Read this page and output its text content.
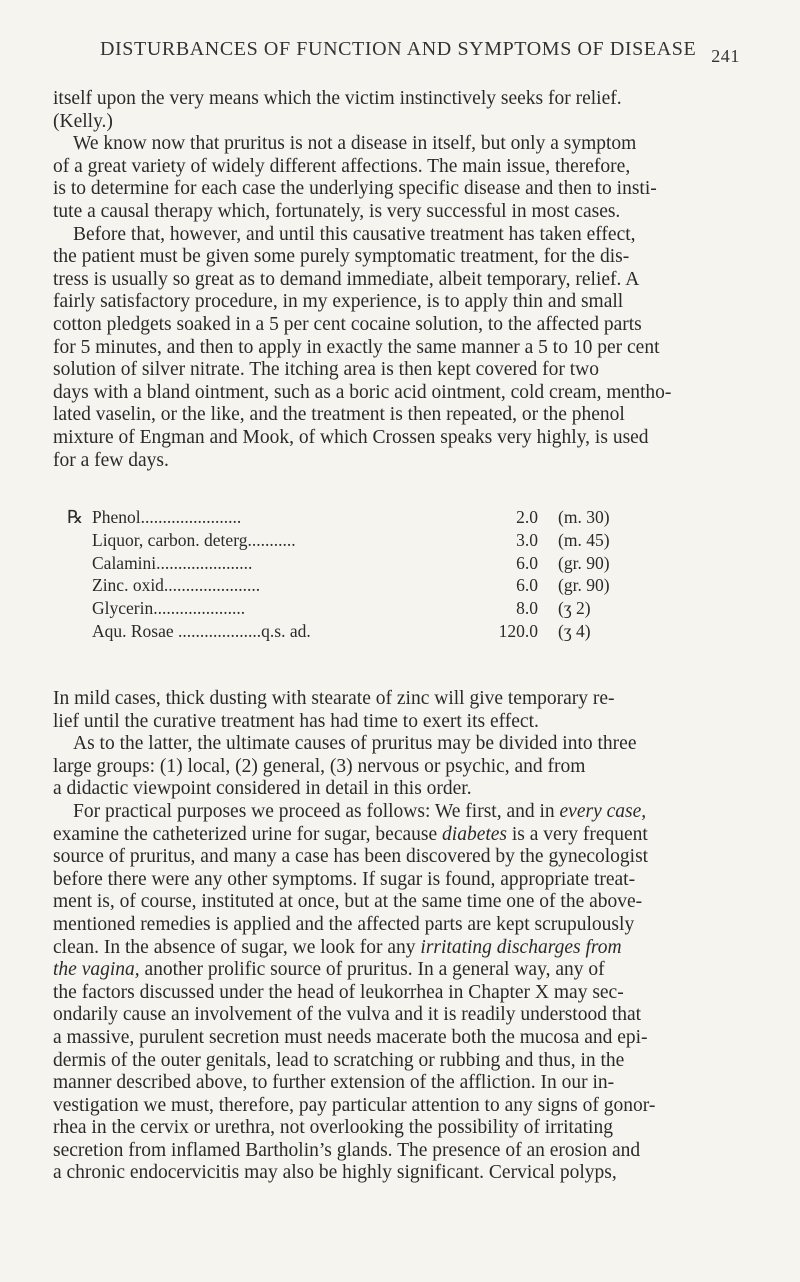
DISTURBANCES OF FUNCTION AND SYMPTOMS OF DISEASE 241

itself upon the very means which the victim instinctively seeks for relief.
(Kelly.)

We know now that pruritus is not a disease in itself, but only a symptom
of a great variety of widely different affections. The main issue, therefore,
is to determine for each case the underlying specific disease and then to insti-
tute a causal therapy which, fortunately, is very successful in most cases.

Before that, however, and until this causative treatment has taken effect,
the patient must be given some purely symptomatic treatment, for the dis-
tress is usually so great as to demand immediate, albeit temporary, relief. A
fairly satisfactory procedure, in my experience, is to apply thin and small
cotton pledgets soaked in a 5 per cent cocaine solution, to the affected parts
for 5 minutes, and then to apply in exactly the same manner a 5 to 10 per cent
solution of silver nitrate. The itching area is then kept covered for two
days with a bland ointment, such as a boric acid ointment, cold cream, mentho-
lated vaselin, or the like, and the treatment is then repeated, or the phenol
mixture of Engman and Mook, of which Crossen speaks very highly, is used
for a few days.

℞ Phenol.......................	2.0 (m. 30)
Liquor, carbon. deterg...........	3.0 (m. 45)
Calamini......................	6.0 (gr. 90)
Zinc. oxid......................	6.0 (gr. 90)
Glycerin.....................	8.0 (ʒ 2)
Aqu. Rosae ...................q.s. ad.	120.0 (ʒ 4)

In mild cases, thick dusting with stearate of zinc will give temporary re-
lief until the curative treatment has had time to exert its effect.

As to the latter, the ultimate causes of pruritus may be divided into three
large groups: (1) local, (2) general, (3) nervous or psychic, and from
a didactic viewpoint considered in detail in this order.

For practical purposes we proceed as follows: We first, and in every case,
examine the catheterized urine for sugar, because diabetes is a very frequent
source of pruritus, and many a case has been discovered by the gynecologist
before there were any other symptoms. If sugar is found, appropriate treat-
ment is, of course, instituted at once, but at the same time one of the above-
mentioned remedies is applied and the affected parts are kept scrupulously
clean. In the absence of sugar, we look for any irritating discharges from
the vagina, another prolific source of pruritus. In a general way, any of
the factors discussed under the head of leukorrhea in Chapter X may sec-
ondarily cause an involvement of the vulva and it is readily understood that
a massive, purulent secretion must needs macerate both the mucosa and epi-
dermis of the outer genitals, lead to scratching or rubbing and thus, in the
manner described above, to further extension of the affliction. In our in-
vestigation we must, therefore, pay particular attention to any signs of gonor-
rhea in the cervix or urethra, not overlooking the possibility of irritating
secretion from inflamed Bartholin’s glands. The presence of an erosion and
a chronic endocervicitis may also be highly significant. Cervical polyps,
